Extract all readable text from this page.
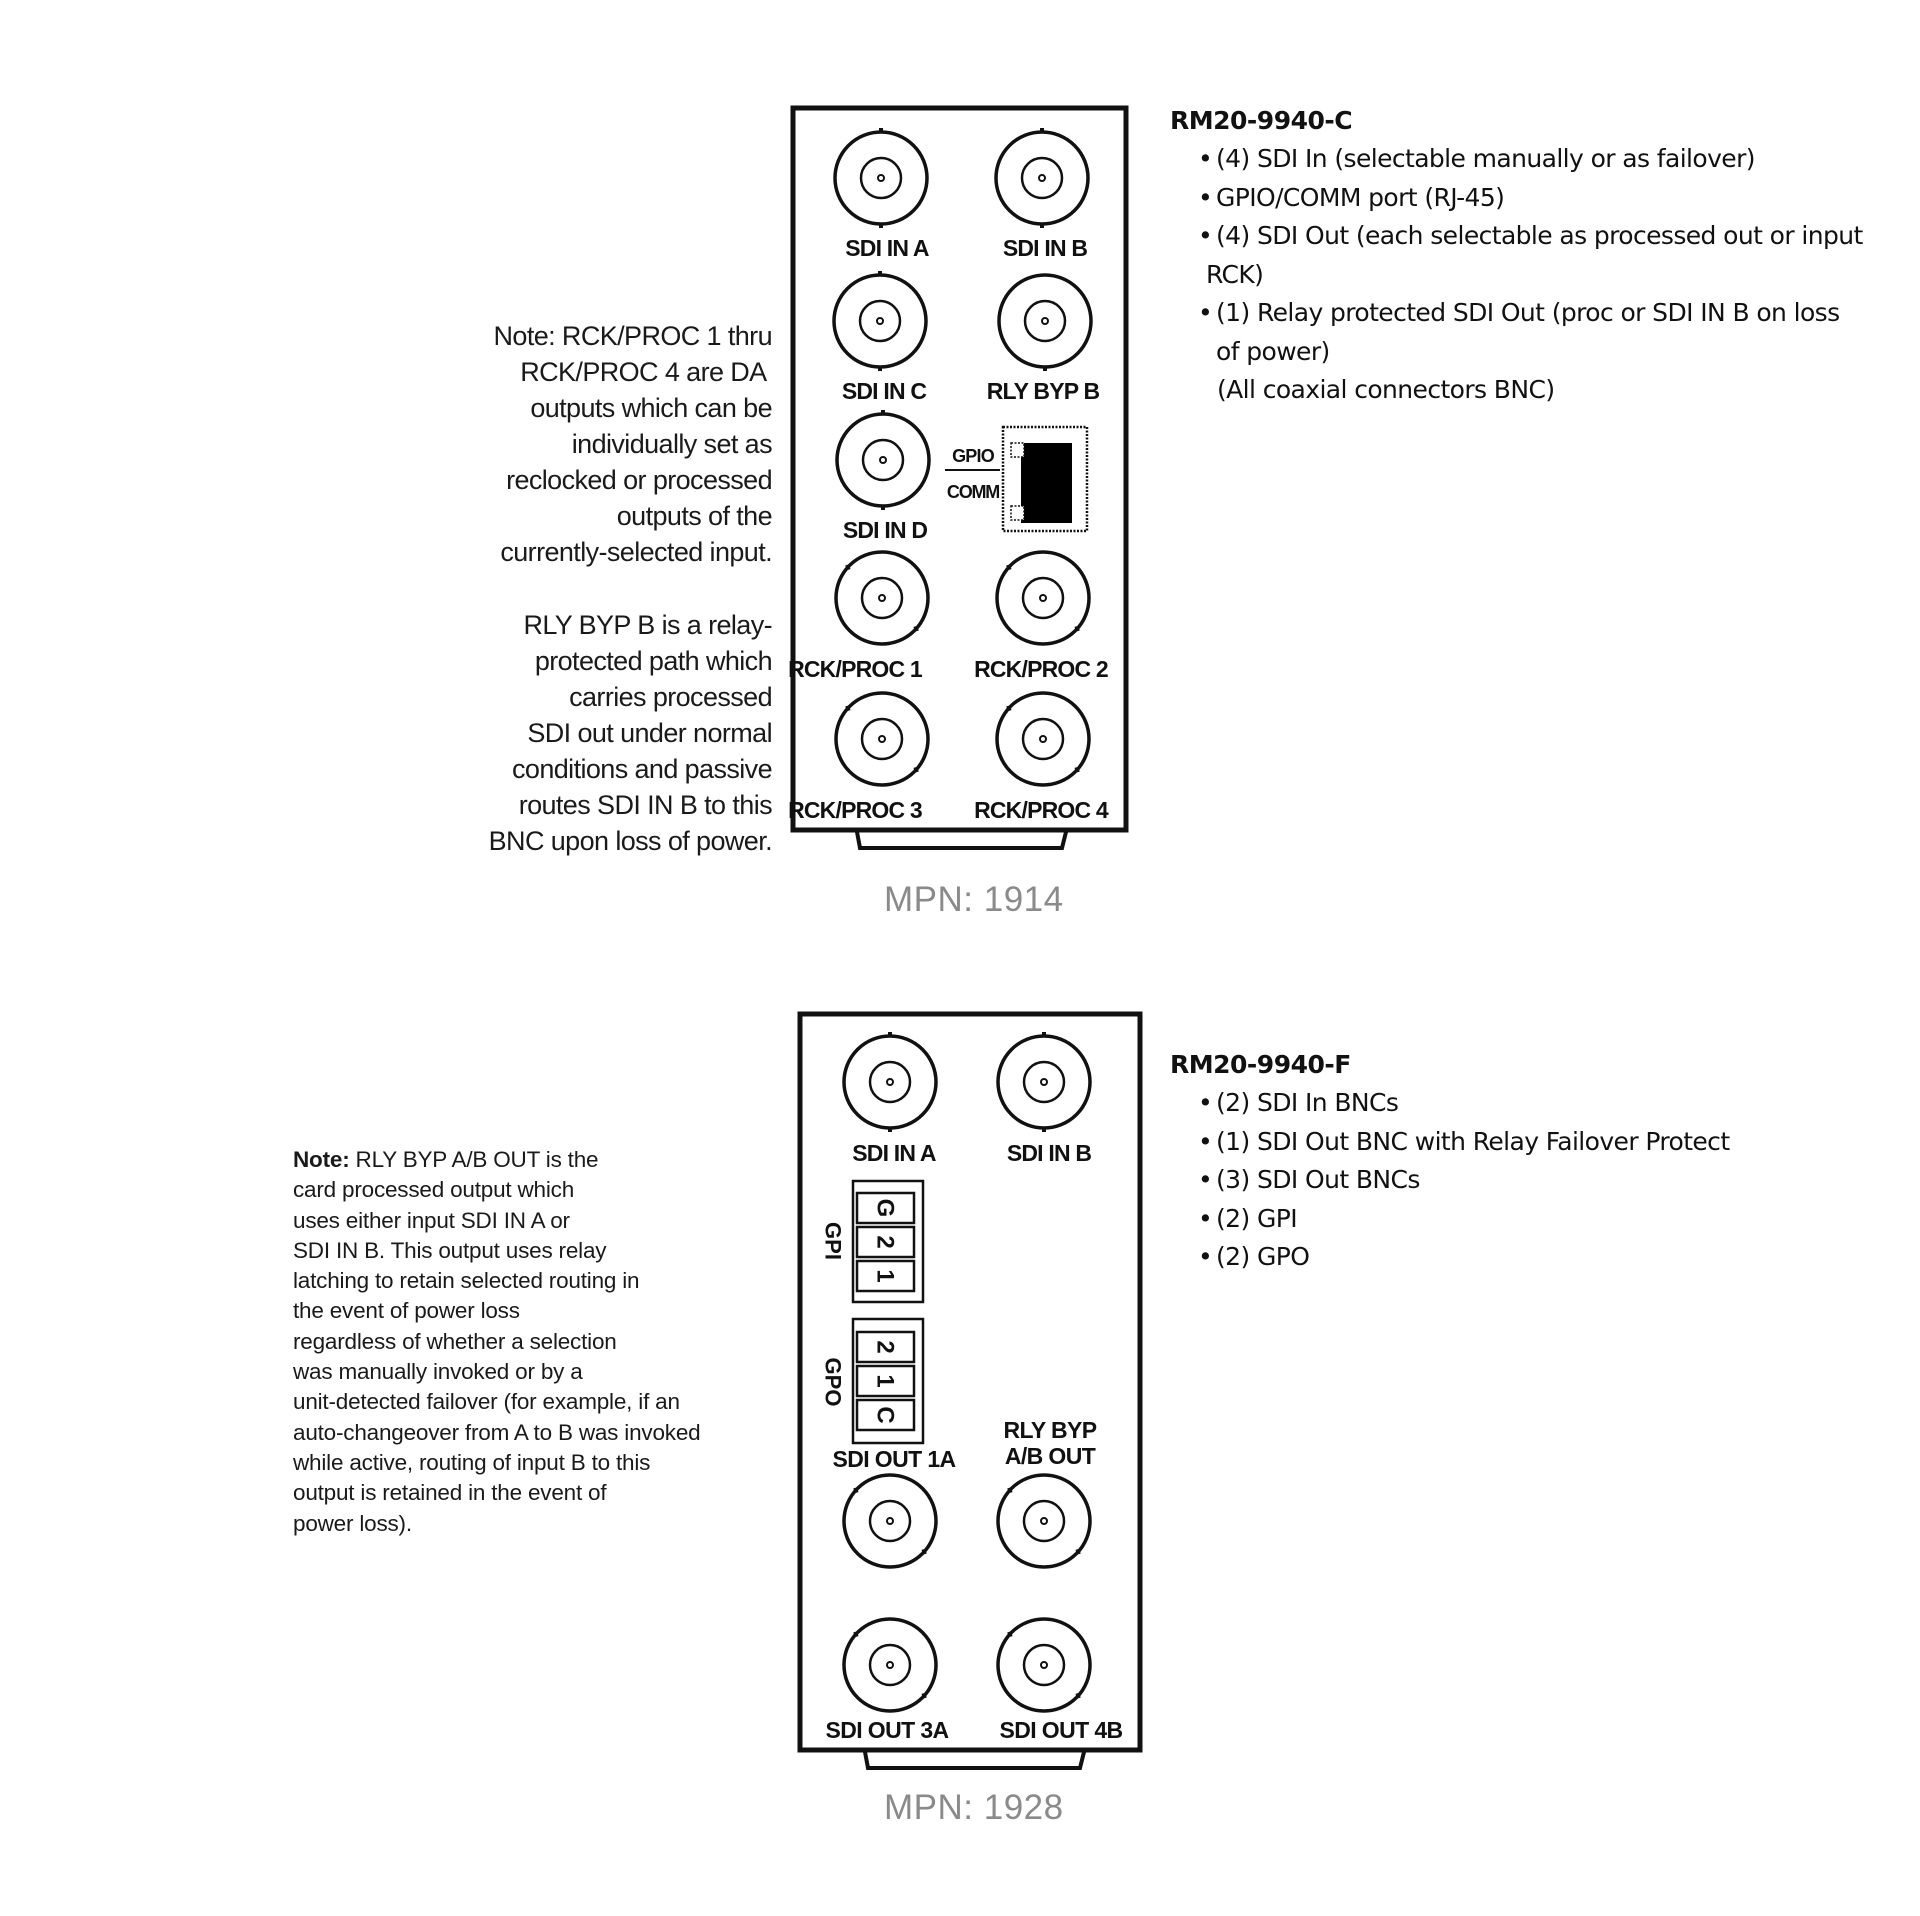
Note: RCK/PROC 1 thru
RCK/PROC 4 are DA
outputs which can be
individually set as
reclocked or processed
outputs of the
currently-selected input.
RLY BYP B is a relay-
protected path which
carries processed
SDI out under normal
conditions and passive
routes SDI IN B to this
BNC upon loss of power.
SDI IN A	SDI IN B
SDI IN C	RLY BYP B
SDI IN D
GPIO
COMM
RCK/PROC 1 RCK/PROC 2
RCK/PROC 3 RCK/PROC 4
MPN: 1914
RM20-9940-C
• (4) SDI In (selectable manually or as failover)
• GPIO/COMM port (RJ-45)
• (4) SDI Out (each selectable as processed out or input
RCK)
• (1) Relay protected SDI Out (proc or SDI IN B on loss
of power)
(All coaxial connectors BNC)
Note: RLY BYP A/B OUT is the
card processed output which
uses either input SDI IN A or
SDI IN B. This output uses relay
latching to retain selected routing in
the event of power loss
regardless of whether a selection
was manually invoked or by a
unit-detected failover (for example, if an
auto-changeover from A to B was invoked
while active, routing of input B to this
output is retained in the event of
power loss).
SDI IN A	SDI IN B
G
2
1
GPI
2
1
C
GPO
SDI OUT 1A
RLY BYP
A/B OUT
SDI OUT 3A SDI OUT 4B
MPN: 1928
RM20-9940-F
• (2) SDI In BNCs
• (1) SDI Out BNC with Relay Failover Protect
• (3) SDI Out BNCs
• (2) GPI
• (2) GPO
